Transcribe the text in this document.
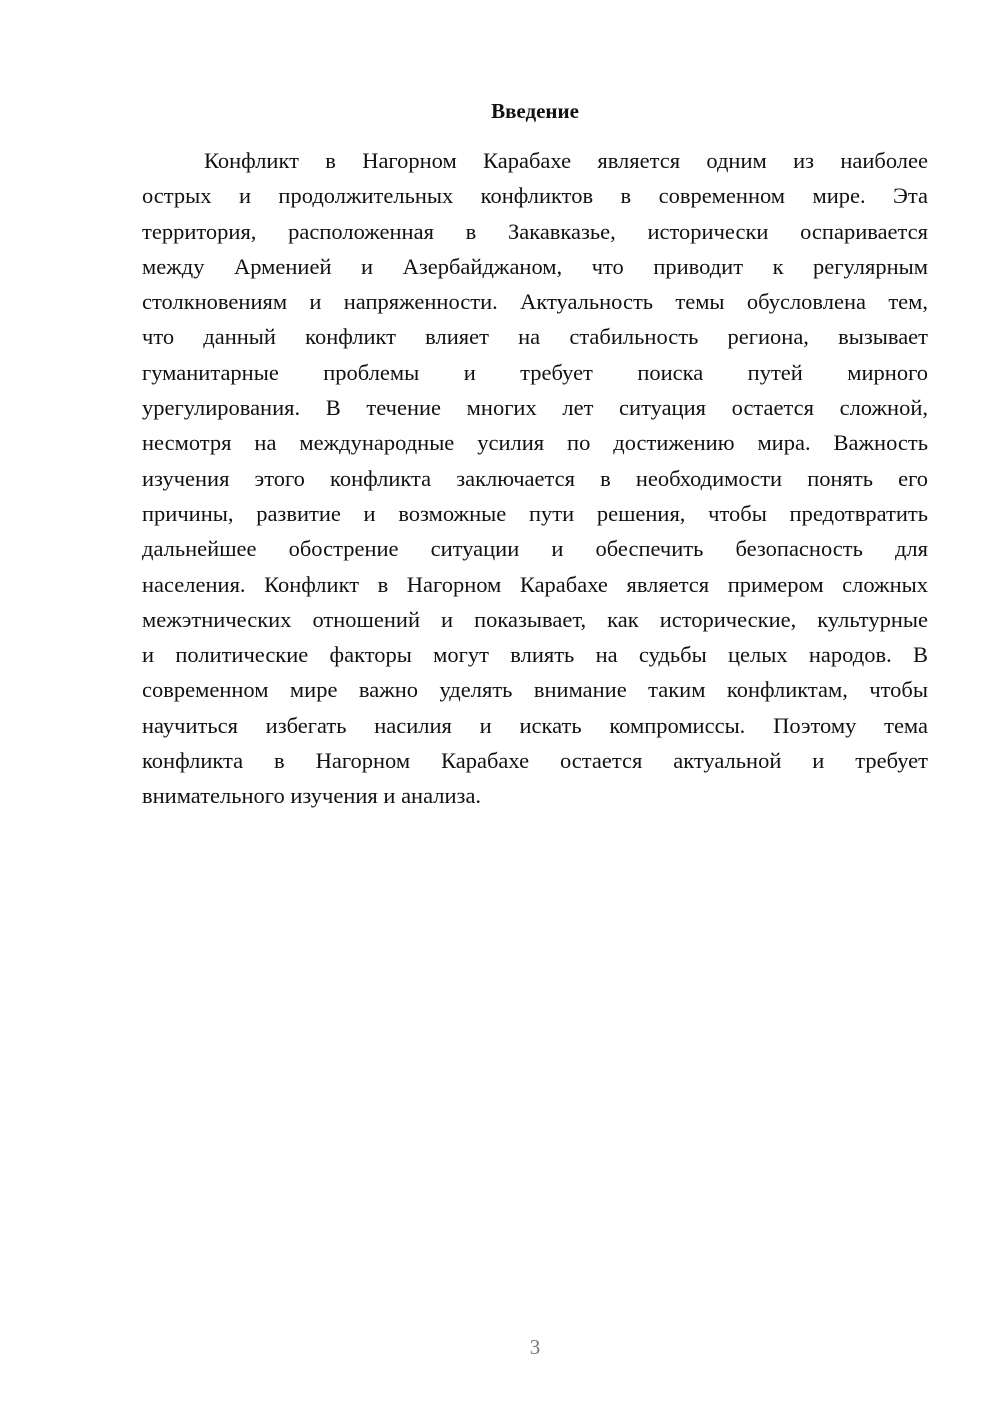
Введение
Конфликт в Нагорном Карабахе является одним из наиболее
острых и продолжительных конфликтов в современном мире. Эта
территория, расположенная в Закавказье, исторически оспаривается
между Арменией и Азербайджаном, что приводит к регулярным
столкновениям и напряженности. Актуальность темы обусловлена тем,
что данный конфликт влияет на стабильность региона, вызывает
гуманитарные проблемы и требует поиска путей мирного
урегулирования. В течение многих лет ситуация остается сложной,
несмотря на международные усилия по достижению мира. Важность
изучения этого конфликта заключается в необходимости понять его
причины, развитие и возможные пути решения, чтобы предотвратить
дальнейшее обострение ситуации и обеспечить безопасность для
населения. Конфликт в Нагорном Карабахе является примером сложных
межэтнических отношений и показывает, как исторические, культурные
и политические факторы могут влиять на судьбы целых народов. В
современном мире важно уделять внимание таким конфликтам, чтобы
научиться избегать насилия и искать компромиссы. Поэтому тема
конфликта в Нагорном Карабахе остается актуальной и требует
внимательного изучения и анализа.
3
